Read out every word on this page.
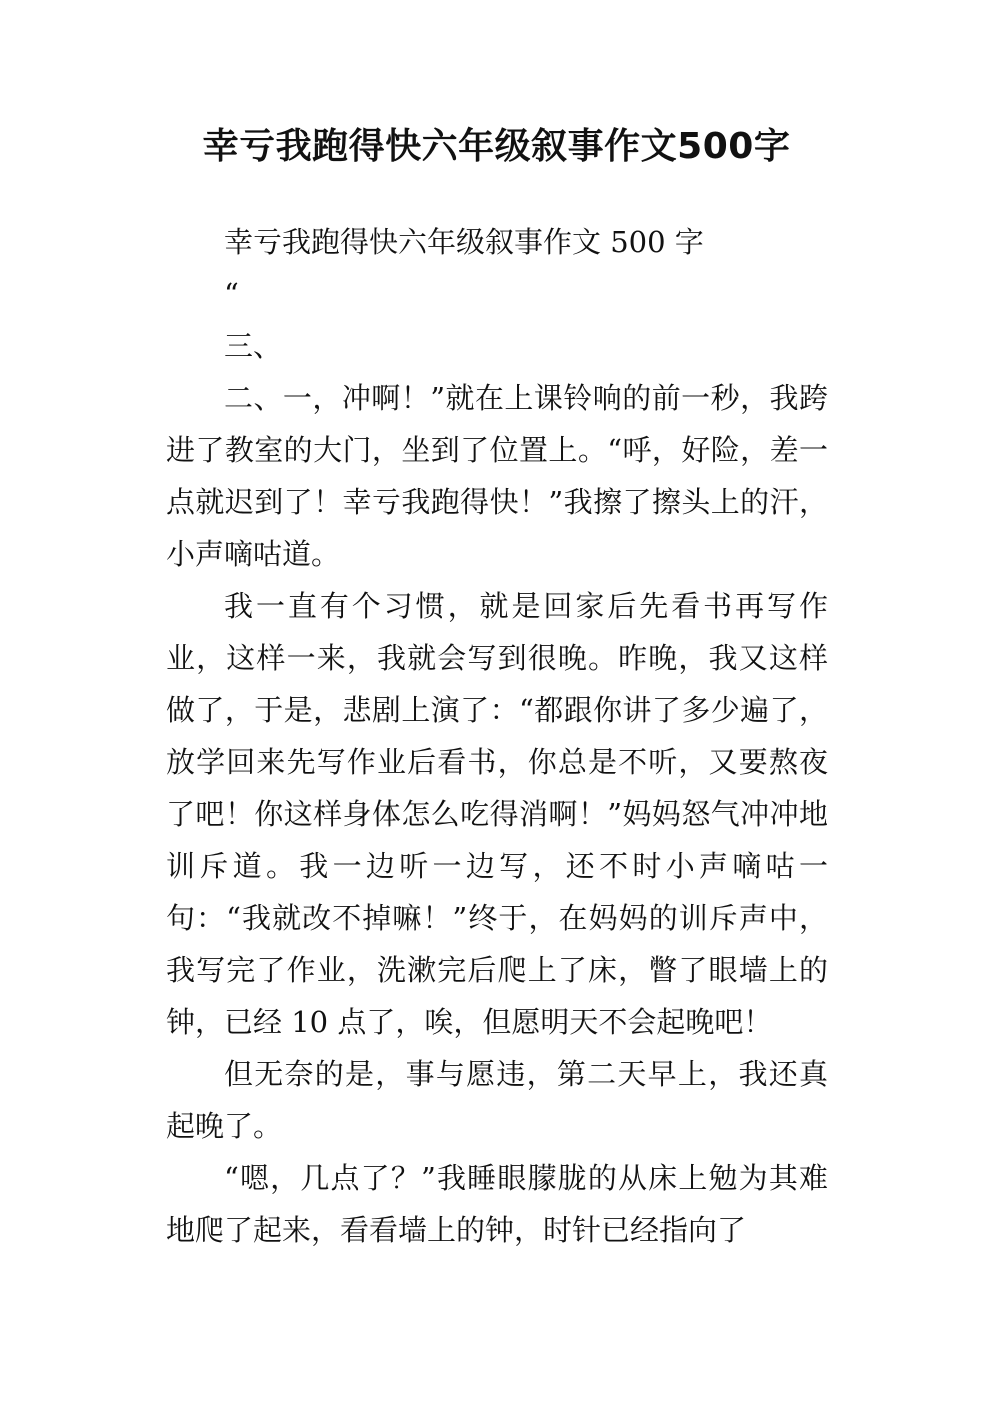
幸亏我跑得快六年级叙事作文500字

幸亏我跑得快六年级叙事作文 500 字

“

三、

二、一，冲啊！”就在上课铃响的前一秒，我跨进了教室的大门，坐到了位置上。“呼，好险，差一点就迟到了！幸亏我跑得快！”我擦了擦头上的汗，小声嘀咕道。

我一直有个习惯，就是回家后先看书再写作业，这样一来，我就会写到很晚。昨晚，我又这样做了，于是，悲剧上演了：“都跟你讲了多少遍了，放学回来先写作业后看书，你总是不听，又要熬夜了吧！你这样身体怎么吃得消啊！”妈妈怒气冲冲地训斥道。我一边听一边写，还不时小声嘀咕一句：“我就改不掉嘛！”终于，在妈妈的训斥声中，我写完了作业，洗漱完后爬上了床，瞥了眼墙上的钟，已经 10 点了，唉，但愿明天不会起晚吧！

但无奈的是，事与愿违，第二天早上，我还真起晚了。

“嗯，几点了？”我睡眼朦胧的从床上勉为其难地爬了起来，看看墙上的钟，时针已经指向了
